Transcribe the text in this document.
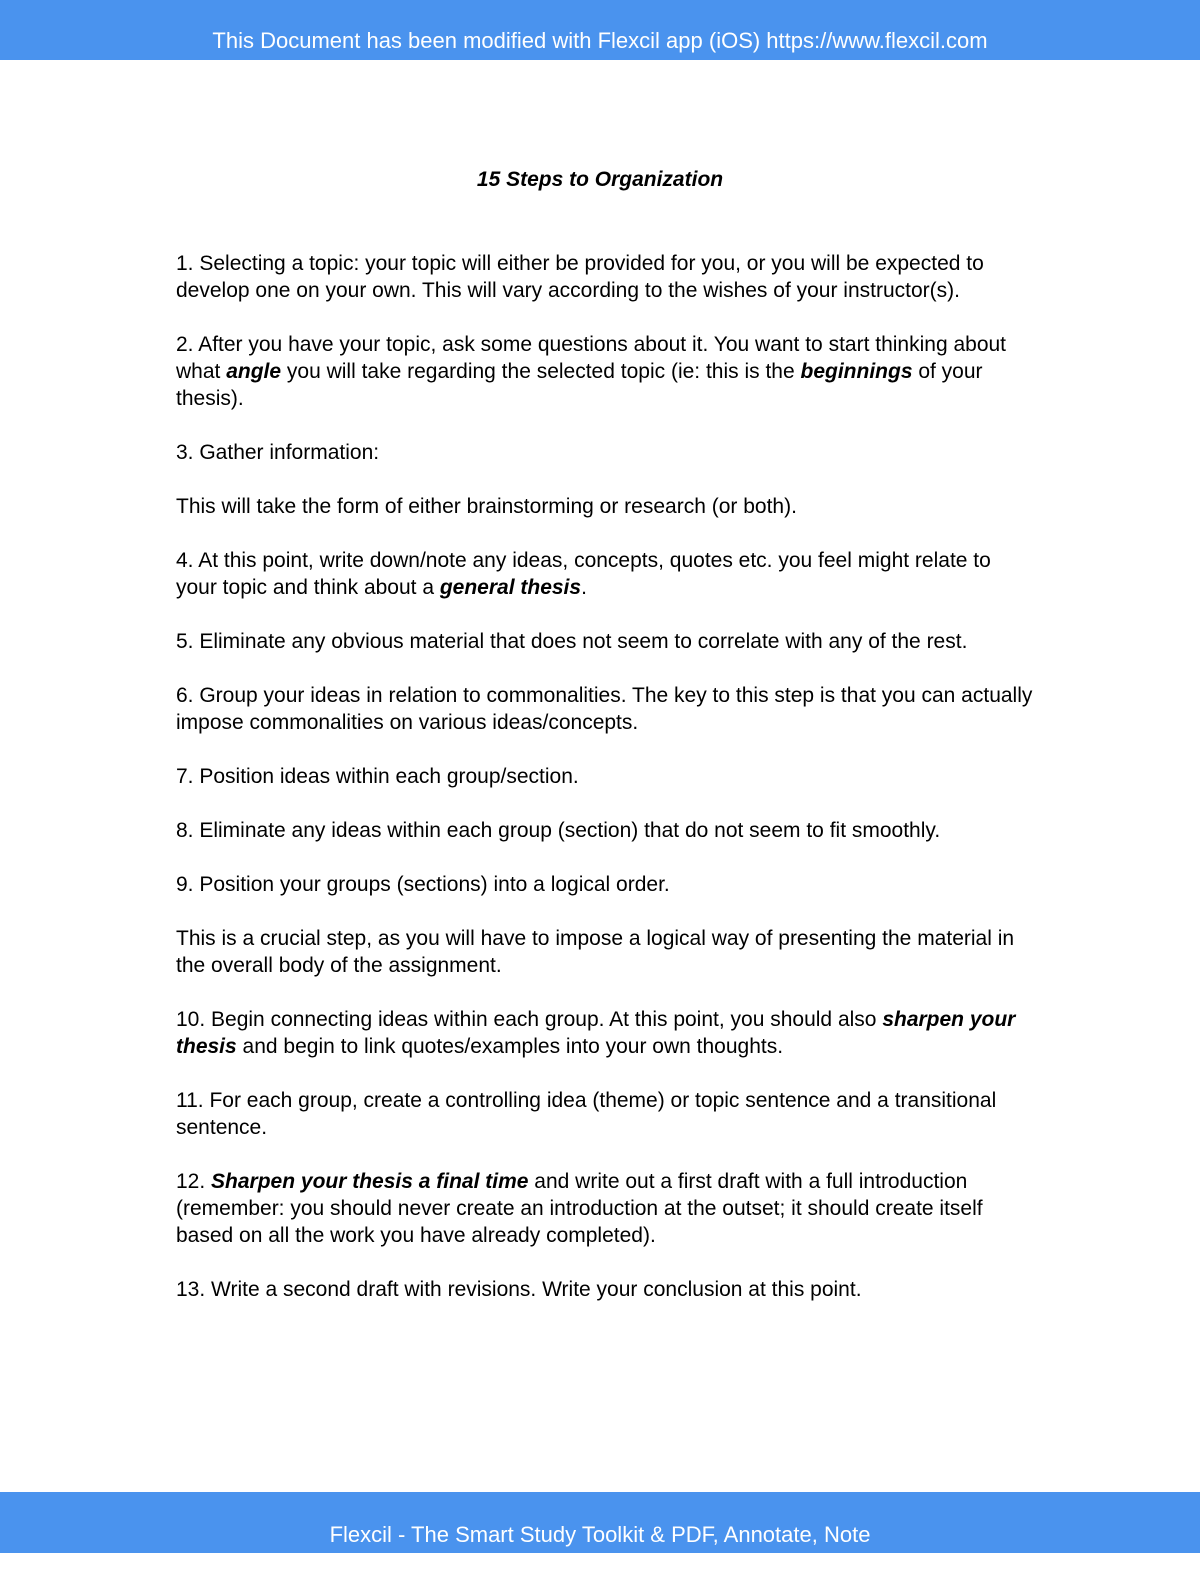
This Document has been modified with Flexcil app (iOS) https://www.flexcil.com
15 Steps to Organization

1. Selecting a topic: your topic will either be provided for you, or you will be expected to develop one on your own. This will vary according to the wishes of your instructor(s).

2. After you have your topic, ask some questions about it. You want to start thinking about what angle you will take regarding the selected topic (ie: this is the beginnings of your thesis).

3. Gather information:

This will take the form of either brainstorming or research (or both).

4. At this point, write down/note any ideas, concepts, quotes etc. you feel might relate to your topic and think about a general thesis.

5. Eliminate any obvious material that does not seem to correlate with any of the rest.

6. Group your ideas in relation to commonalities. The key to this step is that you can actually impose commonalities on various ideas/concepts.

7. Position ideas within each group/section.

8. Eliminate any ideas within each group (section) that do not seem to fit smoothly.

9. Position your groups (sections) into a logical order.

This is a crucial step, as you will have to impose a logical way of presenting the material in the overall body of the assignment.

10. Begin connecting ideas within each group. At this point, you should also sharpen your thesis and begin to link quotes/examples into your own thoughts.

11. For each group, create a controlling idea (theme) or topic sentence and a transitional sentence.

12. Sharpen your thesis a final time and write out a first draft with a full introduction (remember: you should never create an introduction at the outset; it should create itself based on all the work you have already completed).

13. Write a second draft with revisions. Write your conclusion at this point.

Flexcil - The Smart Study Toolkit & PDF, Annotate, Note
